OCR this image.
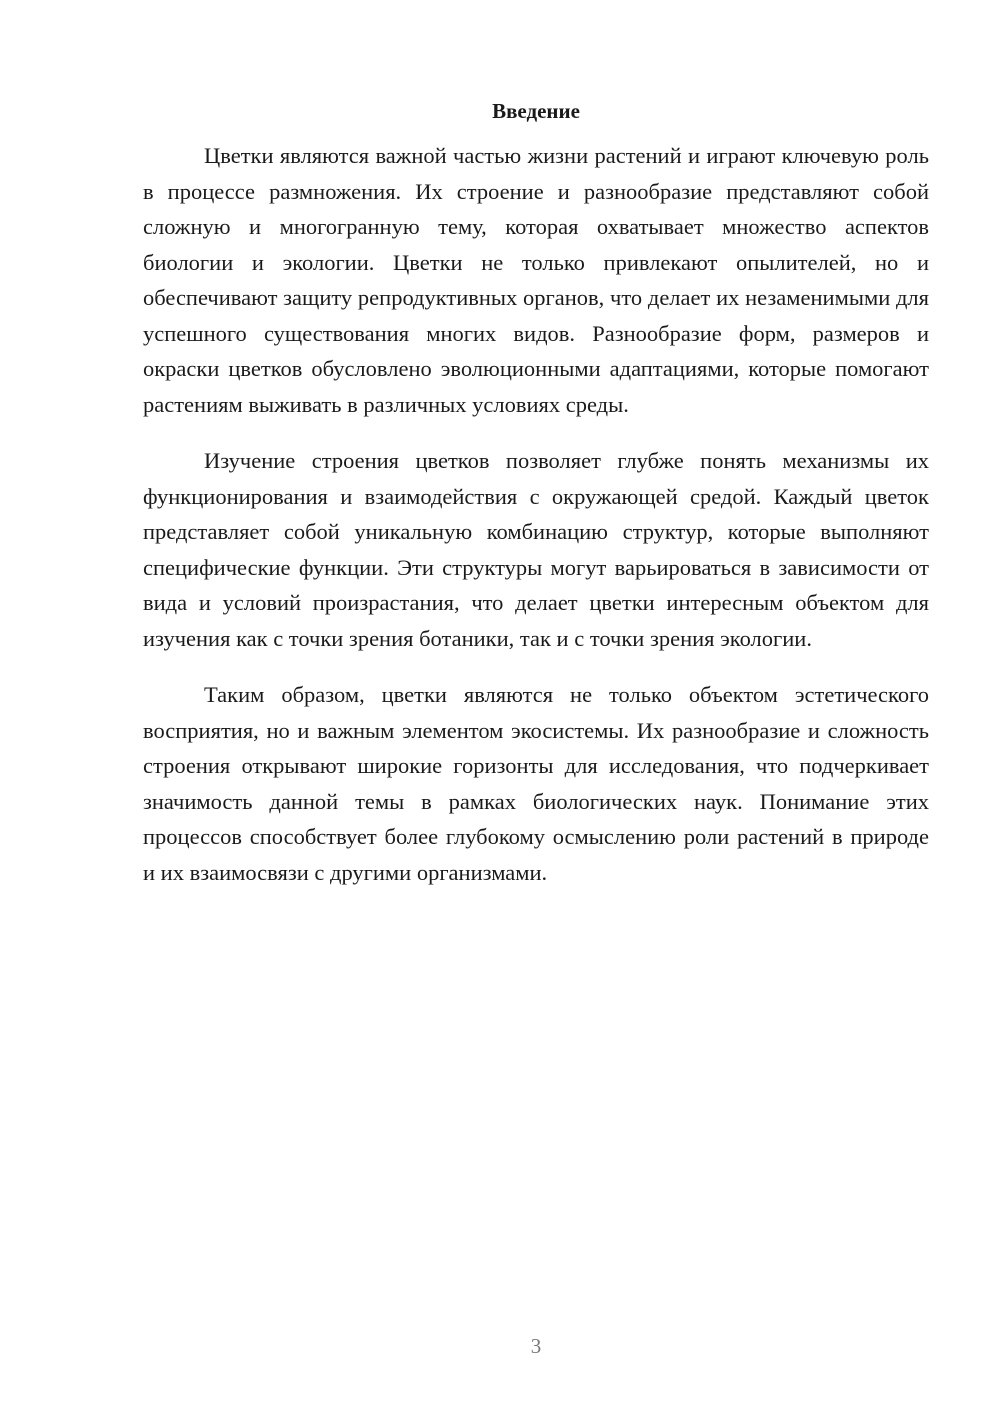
Введение

Цветки являются важной частью жизни растений и играют ключевую роль в процессе размножения. Их строение и разнообразие представляют собой сложную и многогранную тему, которая охватывает множество аспектов биологии и экологии. Цветки не только привлекают опылителей, но и обеспечивают защиту репродуктивных органов, что делает их незаменимыми для успешного существования многих видов. Разнообразие форм, размеров и окраски цветков обусловлено эволюционными адаптациями, которые помогают растениям выживать в различных условиях среды.

Изучение строения цветков позволяет глубже понять механизмы их функционирования и взаимодействия с окружающей средой. Каждый цветок представляет собой уникальную комбинацию структур, которые выполняют специфические функции. Эти структуры могут варьироваться в зависимости от вида и условий произрастания, что делает цветки интересным объектом для изучения как с точки зрения ботаники, так и с точки зрения экологии.

Таким образом, цветки являются не только объектом эстетического восприятия, но и важным элементом экосистемы. Их разнообразие и сложность строения открывают широкие горизонты для исследования, что подчеркивает значимость данной темы в рамках биологических наук. Понимание этих процессов способствует более глубокому осмыслению роли растений в природе и их взаимосвязи с другими организмами.

3
